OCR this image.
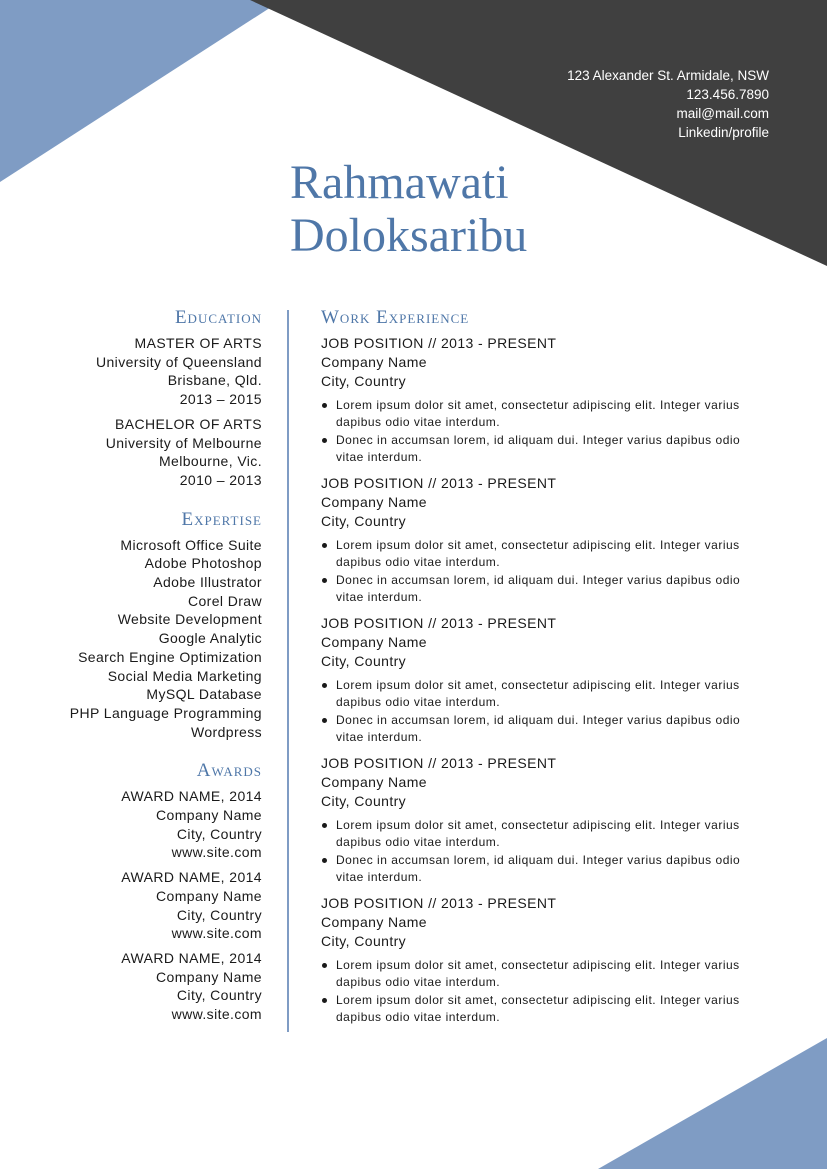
123 Alexander St. Armidale, NSW
123.456.7890
mail@mail.com
Linkedin/profile
Rahmawati
Doloksaribu
Education
MASTER OF ARTS
University of Queensland
Brisbane, Qld.
2013 – 2015
BACHELOR OF ARTS
University of Melbourne
Melbourne, Vic.
2010 – 2013
Expertise
Microsoft Office Suite
Adobe Photoshop
Adobe Illustrator
Corel Draw
Website Development
Google Analytic
Search Engine Optimization
Social Media Marketing
MySQL Database
PHP Language Programming
Wordpress
Awards
AWARD NAME, 2014
Company Name
City, Country
www.site.com
AWARD NAME, 2014
Company Name
City, Country
www.site.com
AWARD NAME, 2014
Company Name
City, Country
www.site.com
Work Experience
JOB POSITION // 2013 - PRESENT
Company Name
City, Country
Lorem ipsum dolor sit amet, consectetur adipiscing elit. Integer varius dapibus odio vitae interdum.
Donec in accumsan lorem, id aliquam dui. Integer varius dapibus odio vitae interdum.
JOB POSITION // 2013 - PRESENT
Company Name
City, Country
Lorem ipsum dolor sit amet, consectetur adipiscing elit. Integer varius dapibus odio vitae interdum.
Donec in accumsan lorem, id aliquam dui. Integer varius dapibus odio vitae interdum.
JOB POSITION // 2013 - PRESENT
Company Name
City, Country
Lorem ipsum dolor sit amet, consectetur adipiscing elit. Integer varius dapibus odio vitae interdum.
Donec in accumsan lorem, id aliquam dui. Integer varius dapibus odio vitae interdum.
JOB POSITION // 2013 - PRESENT
Company Name
City, Country
Lorem ipsum dolor sit amet, consectetur adipiscing elit. Integer varius dapibus odio vitae interdum.
Donec in accumsan lorem, id aliquam dui. Integer varius dapibus odio vitae interdum.
JOB POSITION // 2013 - PRESENT
Company Name
City, Country
Lorem ipsum dolor sit amet, consectetur adipiscing elit. Integer varius dapibus odio vitae interdum.
Lorem ipsum dolor sit amet, consectetur adipiscing elit. Integer varius dapibus odio vitae interdum.
